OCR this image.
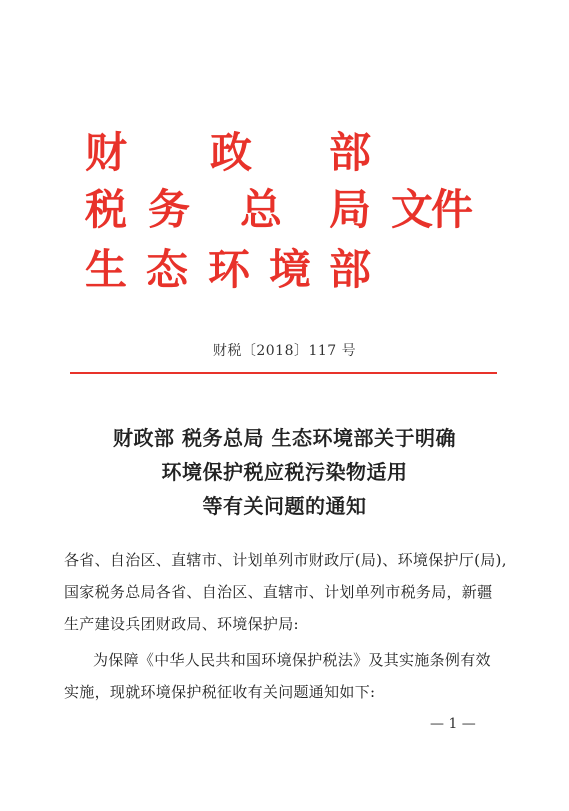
财 政 部
税 务 总 局 文
件
生 态 环 境 部
财税〔2018〕117 号
财政部 税务总局 生态环境部关于明确
环境保护税应税污染物适用
等有关问题的通知
各省、自治区、直辖市、计划单列市财政厅(局)、环境保护厅(局),
国家税务总局各省、自治区、直辖市、计划单列市税务局，新疆
生产建设兵团财政局、环境保护局:
为保障《中华人民共和国环境保护税法》及其实施条例有效
实施，现就环境保护税征收有关问题通知如下:
— 1 —
